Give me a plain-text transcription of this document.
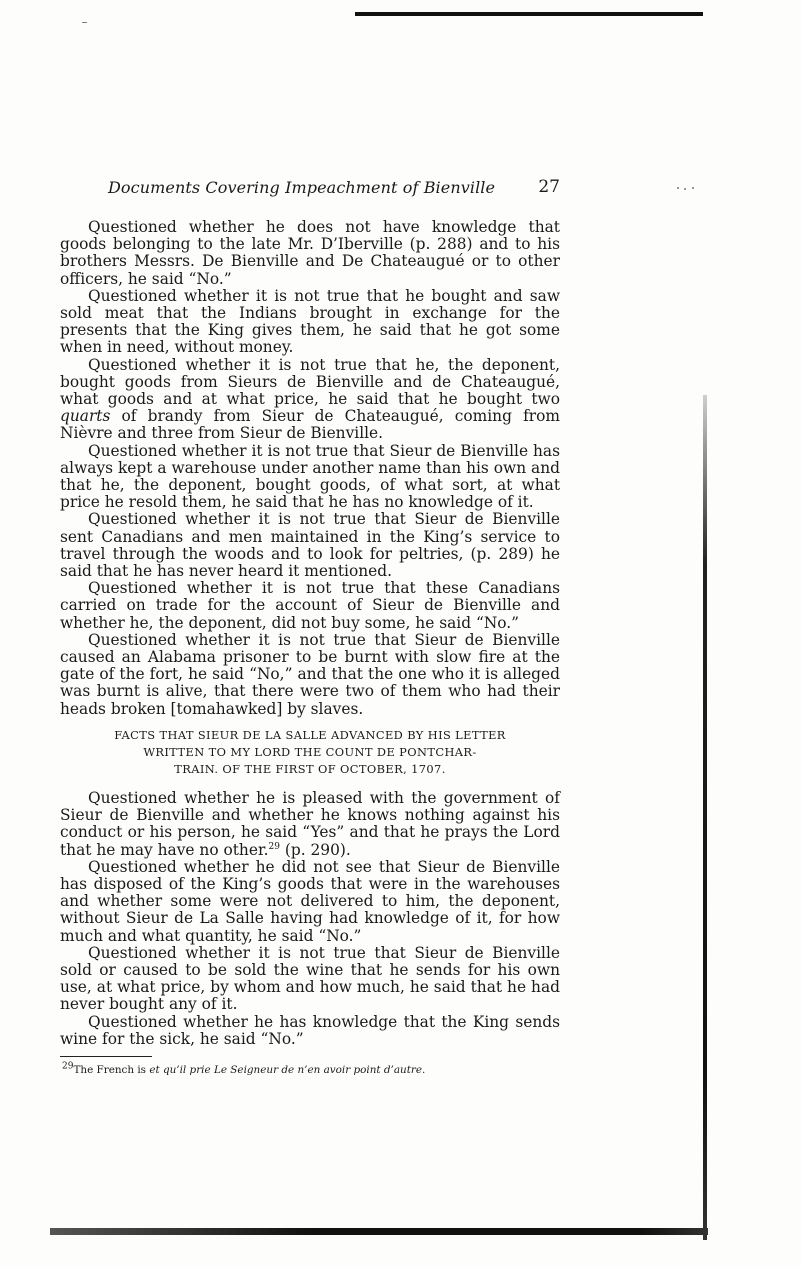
Documents Covering Impeachment of Bienville	27

Questioned whether he does not have knowledge that goods belonging to the late Mr. D’Iberville (p. 288) and to his brothers Messrs. De Bienville and De Chateaugué or to other officers, he said “No.”

Questioned whether it is not true that he bought and saw sold meat that the Indians brought in exchange for the presents that the King gives them, he said that he got some when in need, without money.

Questioned whether it is not true that he, the deponent, bought goods from Sieurs de Bienville and de Chateaugué, what goods and at what price, he said that he bought two quarts of brandy from Sieur de Chateaugué, coming from Nièvre and three from Sieur de Bienville.

Questioned whether it is not true that Sieur de Bienville has always kept a warehouse under another name than his own and that he, the deponent, bought goods, of what sort, at what price he resold them, he said that he has no knowledge of it.

Questioned whether it is not true that Sieur de Bienville sent Canadians and men maintained in the King’s service to travel through the woods and to look for peltries, (p. 289) he said that he has never heard it mentioned.

Questioned whether it is not true that these Canadians carried on trade for the account of Sieur de Bienville and whether he, the deponent, did not buy some, he said “No.”

Questioned whether it is not true that Sieur de Bienville caused an Alabama prisoner to be burnt with slow fire at the gate of the fort, he said “No,” and that the one who it is alleged was burnt is alive, that there were two of them who had their heads broken [tomahawked] by slaves.

FACTS THAT SIEUR DE LA SALLE ADVANCED BY HIS LETTER
WRITTEN TO MY LORD THE COUNT DE PONTCHAR-
TRAIN. OF THE FIRST OF OCTOBER, 1707.

Questioned whether he is pleased with the government of Sieur de Bienville and whether he knows nothing against his conduct or his person, he said “Yes” and that he prays the Lord that he may have no other.$^{29}$ (p. 290).

Questioned whether he did not see that Sieur de Bienville has disposed of the King’s goods that were in the warehouses and whether some were not delivered to him, the deponent, without Sieur de La Salle having had knowledge of it, for how much and what quantity, he said “No.”

Questioned whether it is not true that Sieur de Bienville sold or caused to be sold the wine that he sends for his own use, at what price, by whom and how much, he said that he had never bought any of it.

Questioned whether he has knowledge that the King sends wine for the sick, he said “No.”

$^{29}$The French is et qu’il prie Le Seigneur de n’en avoir point d’autre.
